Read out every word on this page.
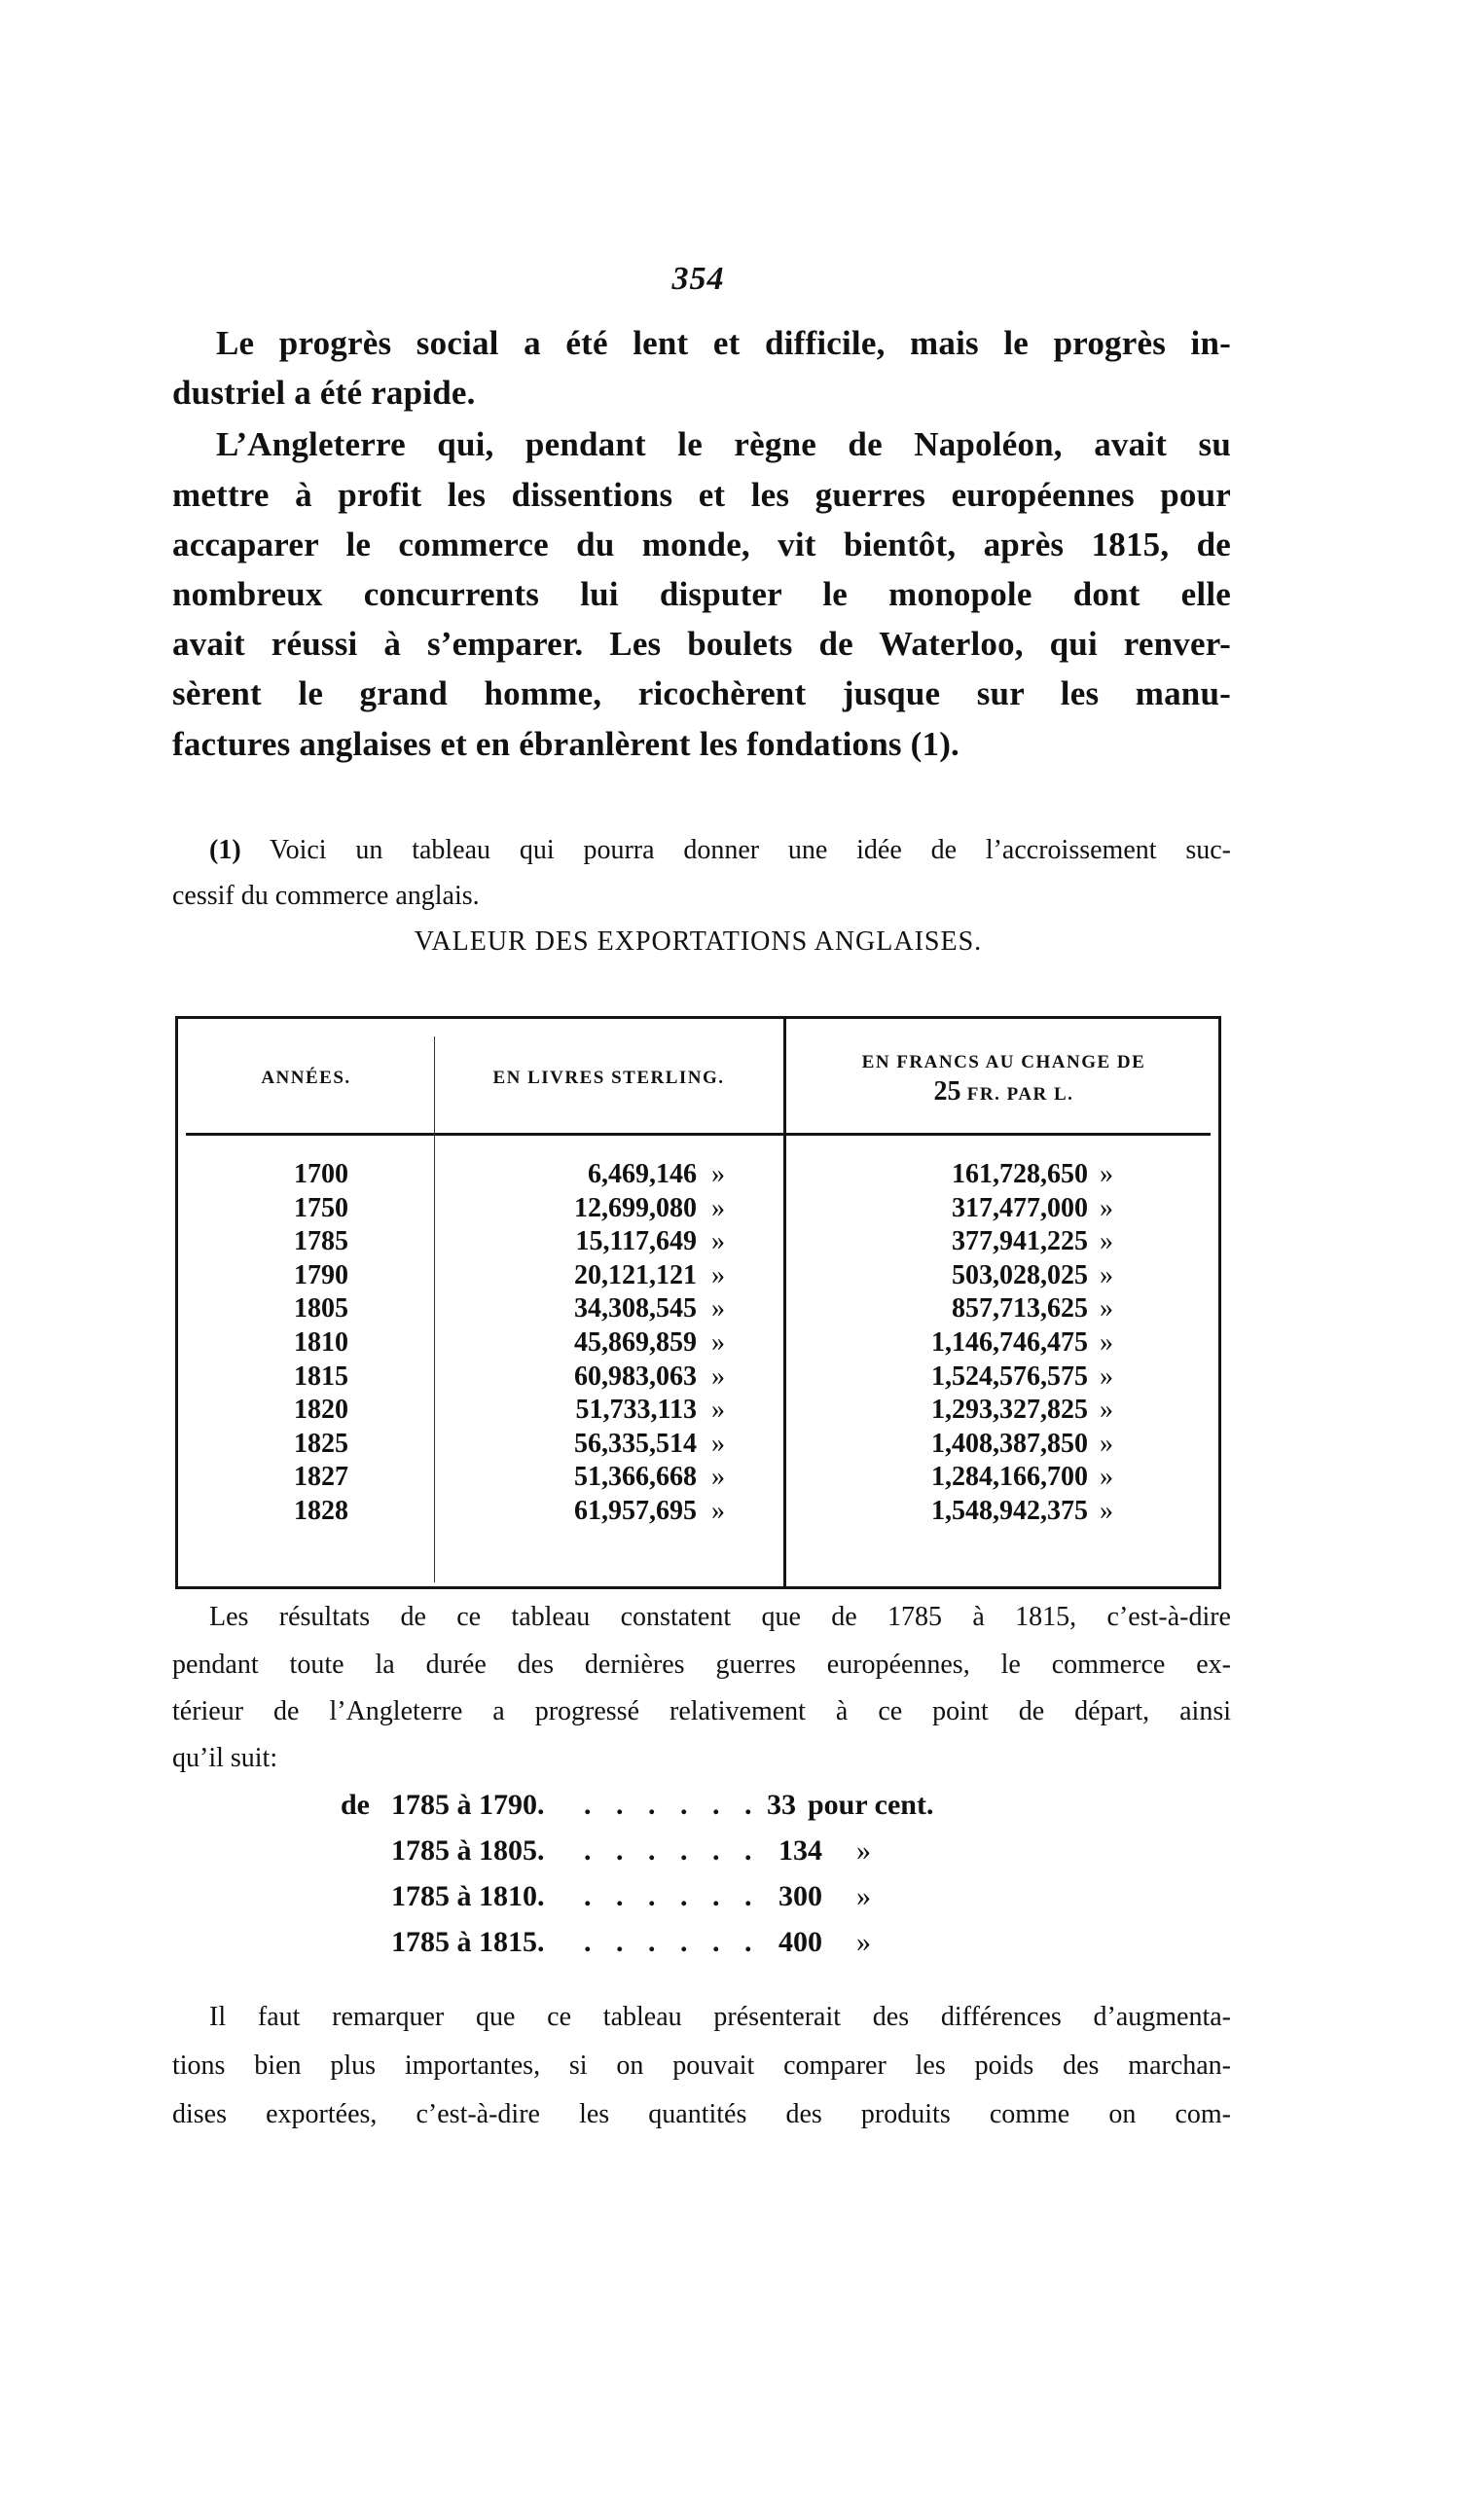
354
Le progrès social a été lent et difficile, mais le progrès in-
dustriel a été rapide.
L’Angleterre qui, pendant le règne de Napoléon, avait su
mettre à profit les dissentions et les guerres européennes pour
accaparer le commerce du monde, vit bientôt, après 1815, de
nombreux concurrents lui disputer le monopole dont elle
avait réussi à s’emparer. Les boulets de Waterloo, qui renver-
sèrent le grand homme, ricochèrent jusque sur les manu-
factures anglaises et en ébranlèrent les fondations (1).
(1) Voici un tableau qui pourra donner une idée de l’accroissement suc-
cessif du commerce anglais.
VALEUR DES EXPORTATIONS ANGLAISES.
ANNÉES.	EN LIVRES STERLING.
EN FRANCS AU CHANGE DE
25 FR. PAR L.
1700	6,469,146 »	161,728,650 »
1750	12,699,080 »	317,477,000 »
1785	15,117,649 »	377,941,225 »
1790	20,121,121 »	503,028,025 »
1805	34,308,545 »	857,713,625 »
1810	45,869,859 »	1,146,746,475 »
1815	60,983,063 »	1,524,576,575 »
1820	51,733,113 »	1,293,327,825 »
1825	56,335,514 »	1,408,387,850 »
1827	51,366,668 »	1,284,166,700 »
1828	61,957,695 »	1,548,942,375 »
Les résultats de ce tableau constatent que de 1785 à 1815, c’est-à-dire
pendant toute la durée des dernières guerres européennes, le commerce ex-
térieur de l’Angleterre a progressé relativement à ce point de départ, ainsi
qu’il suit:
de 1785 à 1790. . . . . . . 33 pour cent.
1785 à 1805. . . . . . . 134 »
1785 à 1810. . . . . . . 300 »
1785 à 1815. . . . . . . 400 »
Il faut remarquer que ce tableau présenterait des différences d’augmenta-
tions bien plus importantes, si on pouvait comparer les poids des marchan-
dises exportées, c’est-à-dire les quantités des produits comme on com-
